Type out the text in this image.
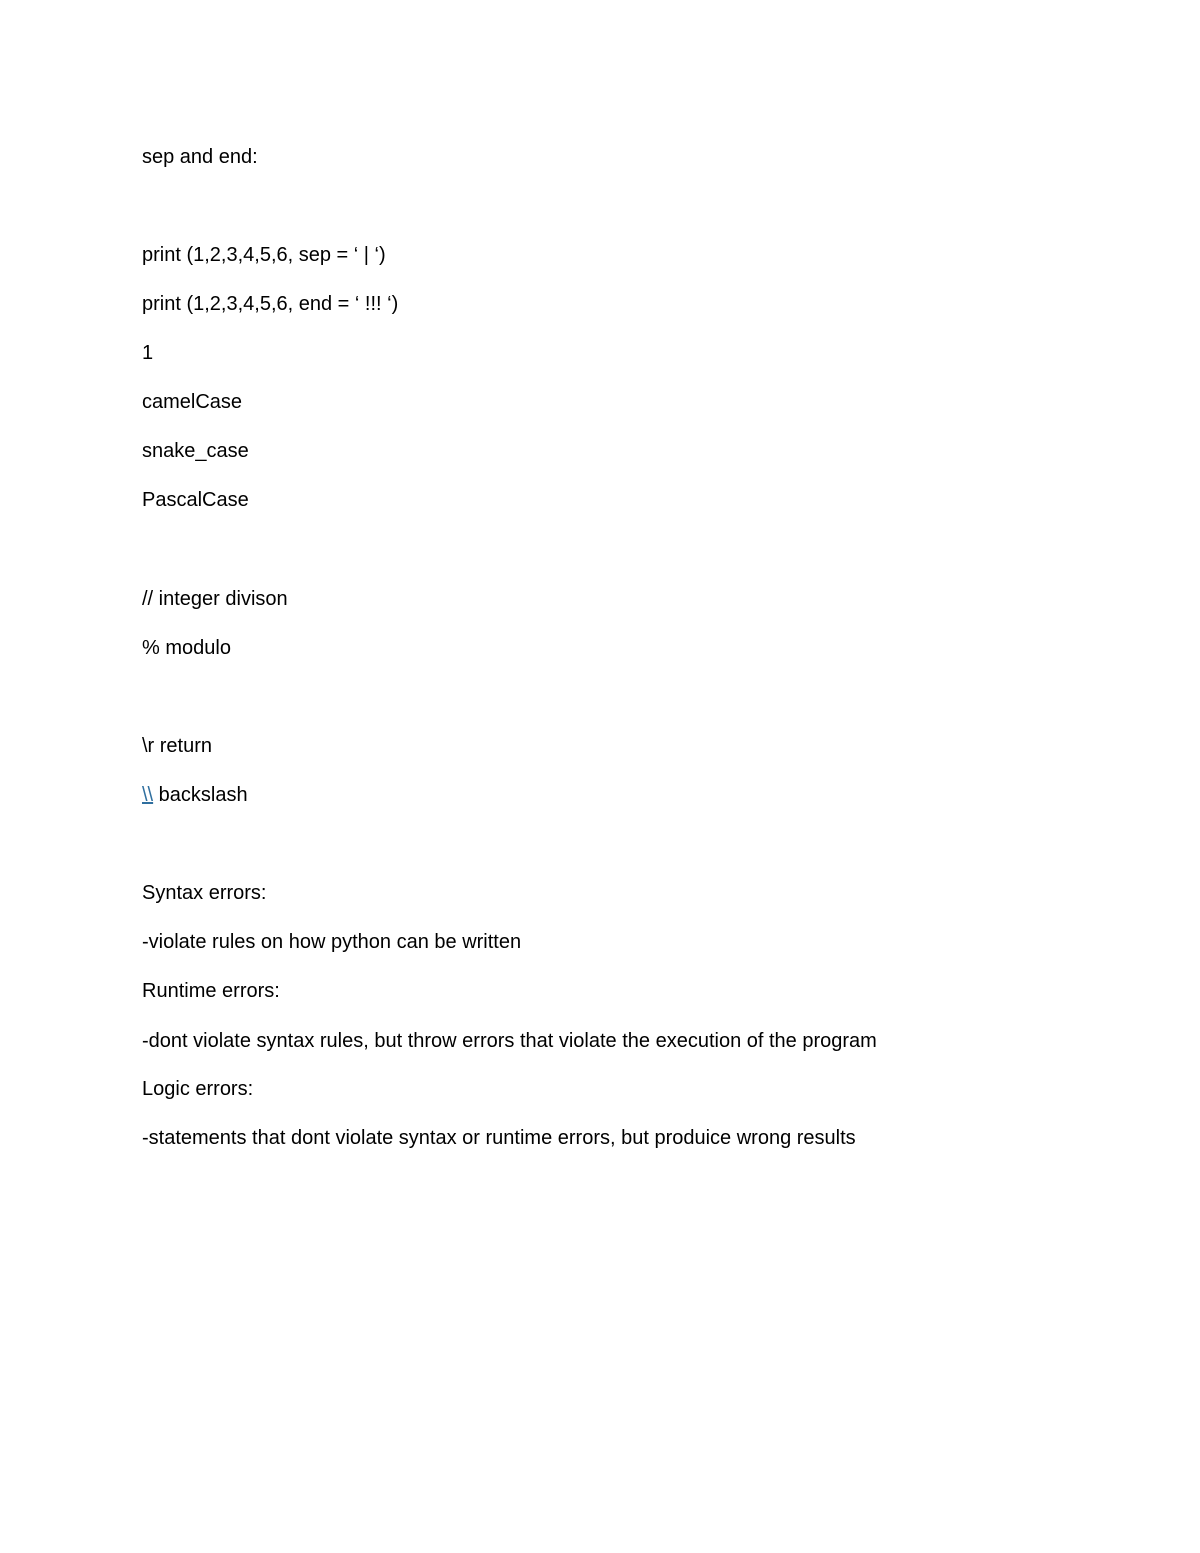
sep and end:
print (1,2,3,4,5,6, sep = ‘ | ‘)
print (1,2,3,4,5,6, end = ‘ !!! ‘)
1
camelCase
snake_case
PascalCase
// integer divison
% modulo
\r return
\\ backslash
Syntax errors:
-violate rules on how python can be written
Runtime errors:
-dont violate syntax rules, but throw errors that violate the execution of the program
Logic errors:
-statements that dont violate syntax or runtime errors, but produice wrong results
